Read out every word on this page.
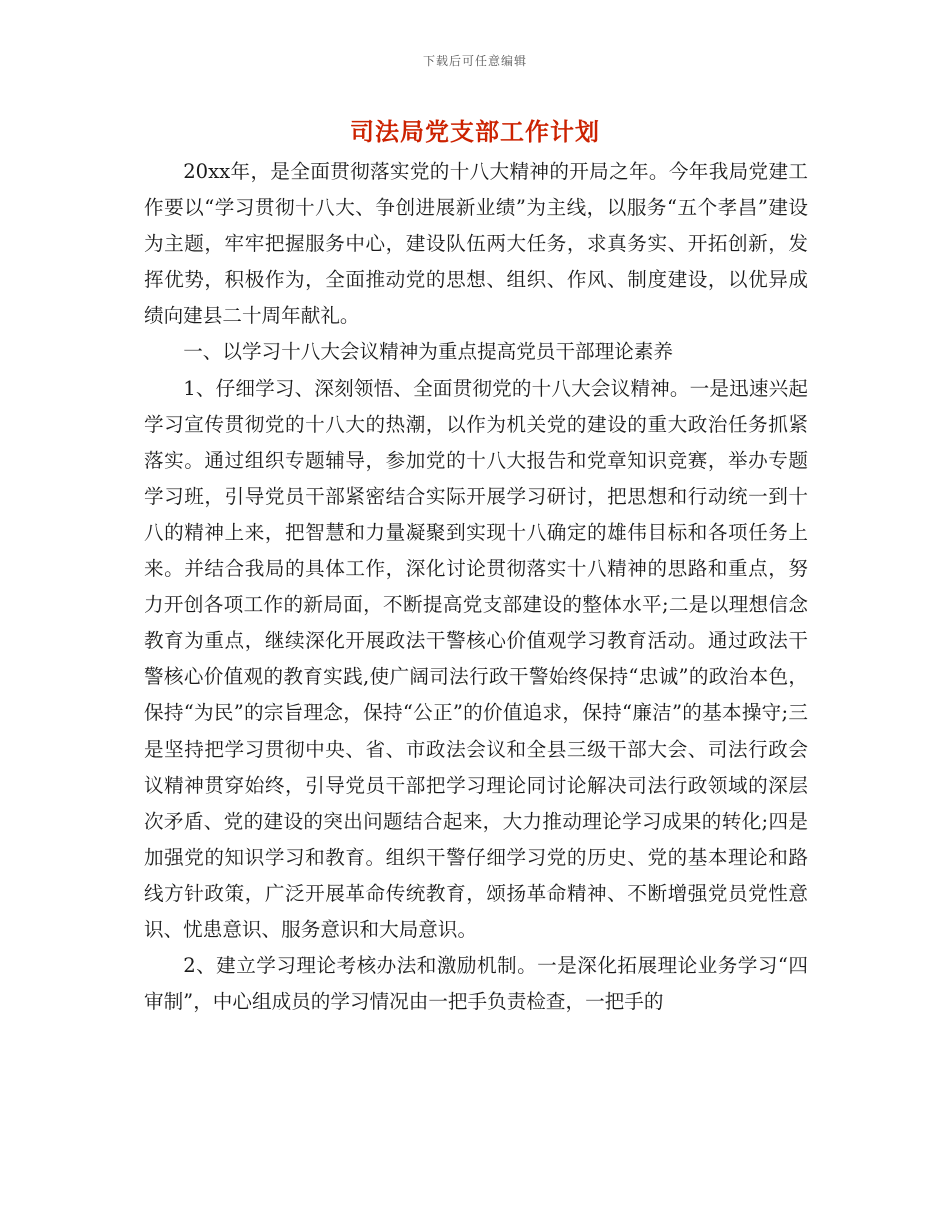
下载后可任意编辑
司法局党支部工作计划

20xx年，是全面贯彻落实党的十八大精神的开局之年。今年我局党建工作要以“学习贯彻十八大、争创进展新业绩”为主线，以服务“五个孝昌”建设为主题，牢牢把握服务中心，建设队伍两大任务，求真务实、开拓创新，发挥优势，积极作为，全面推动党的思想、组织、作风、制度建设，以优异成绩向建县二十周年献礼。

一、以学习十八大会议精神为重点提高党员干部理论素养

1、仔细学习、深刻领悟、全面贯彻党的十八大会议精神。一是迅速兴起学习宣传贯彻党的十八大的热潮，以作为机关党的建设的重大政治任务抓紧落实。通过组织专题辅导，参加党的十八大报告和党章知识竞赛，举办专题学习班，引导党员干部紧密结合实际开展学习研讨，把思想和行动统一到十八的精神上来，把智慧和力量凝聚到实现十八确定的雄伟目标和各项任务上来。并结合我局的具体工作，深化讨论贯彻落实十八精神的思路和重点，努力开创各项工作的新局面，不断提高党支部建设的整体水平;二是以理想信念教育为重点，继续深化开展政法干警核心价值观学习教育活动。通过政法干警核心价值观的教育实践,使广阔司法行政干警始终保持“忠诚”的政治本色，保持“为民”的宗旨理念，保持“公正”的价值追求，保持“廉洁”的基本操守;三是坚持把学习贯彻中央、省、市政法会议和全县三级干部大会、司法行政会议精神贯穿始终，引导党员干部把学习理论同讨论解决司法行政领域的深层次矛盾、党的建设的突出问题结合起来，大力推动理论学习成果的转化;四是加强党的知识学习和教育。组织干警仔细学习党的历史、党的基本理论和路线方针政策，广泛开展革命传统教育，颂扬革命精神、不断增强党员党性意识、忧患意识、服务意识和大局意识。

2、建立学习理论考核办法和激励机制。一是深化拓展理论业务学习“四审制”，中心组成员的学习情况由一把手负责检查，一把手的
